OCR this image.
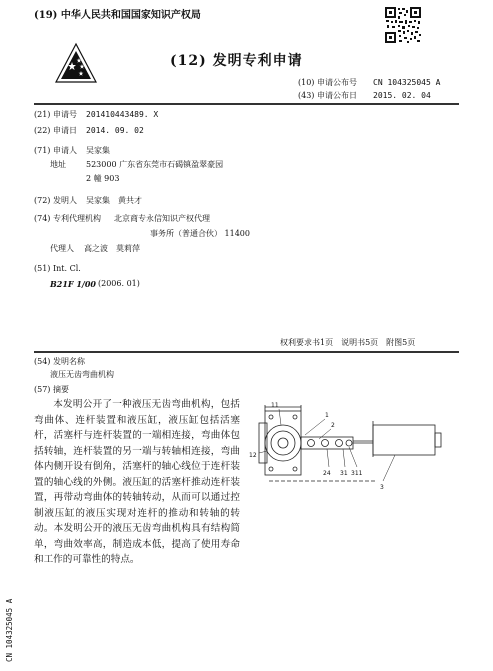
(19) 中华人民共和国国家知识产权局
(12) 发明专利申请
(10) 申请公布号 CN 104325045 A
(43) 申请公布日 2015. 02. 04
(21) 申请号 201410443489. X
(22) 申请日 2014. 09. 02
(71) 申请人 吴家集
地址	523000 广东省东莞市石碣镇盈翠豪园
2 幢 903
(72) 发明人 吴家集　黄共才
(74) 专利代理机构 北京商专永信知识产权代理
事务所（普通合伙） 11400
代理人 高之波　莫莉萍
(51) Int. Cl.
B21F 1/00 (2006. 01)
权利要求书1页　说明书5页　附图5页
(54) 发明名称
液压无齿弯曲机构
(57) 摘要
本发明公开了一种液压无齿弯曲机构，包括弯曲体、连杆装置和液压缸，液压缸包括活塞杆，活塞杆与连杆装置的一端相连接，弯曲体包括转轴，连杆装置的另一端与转轴相连接，弯曲体内侧开设有倒角，活塞杆的轴心线位于连杆装置的轴心线的外侧。液压缸的活塞杆推动连杆装置，再带动弯曲体的转轴转动，从而可以通过控制液压缸的液压实现对连杆的推动和转轴的转动。本发明公开的液压无齿弯曲机构具有结构简单，弯曲效率高，制造成本低，提高了使用寿命和工作的可靠性的特点。
11
1
2
12
24 31 311
3
CN 104325045 A
